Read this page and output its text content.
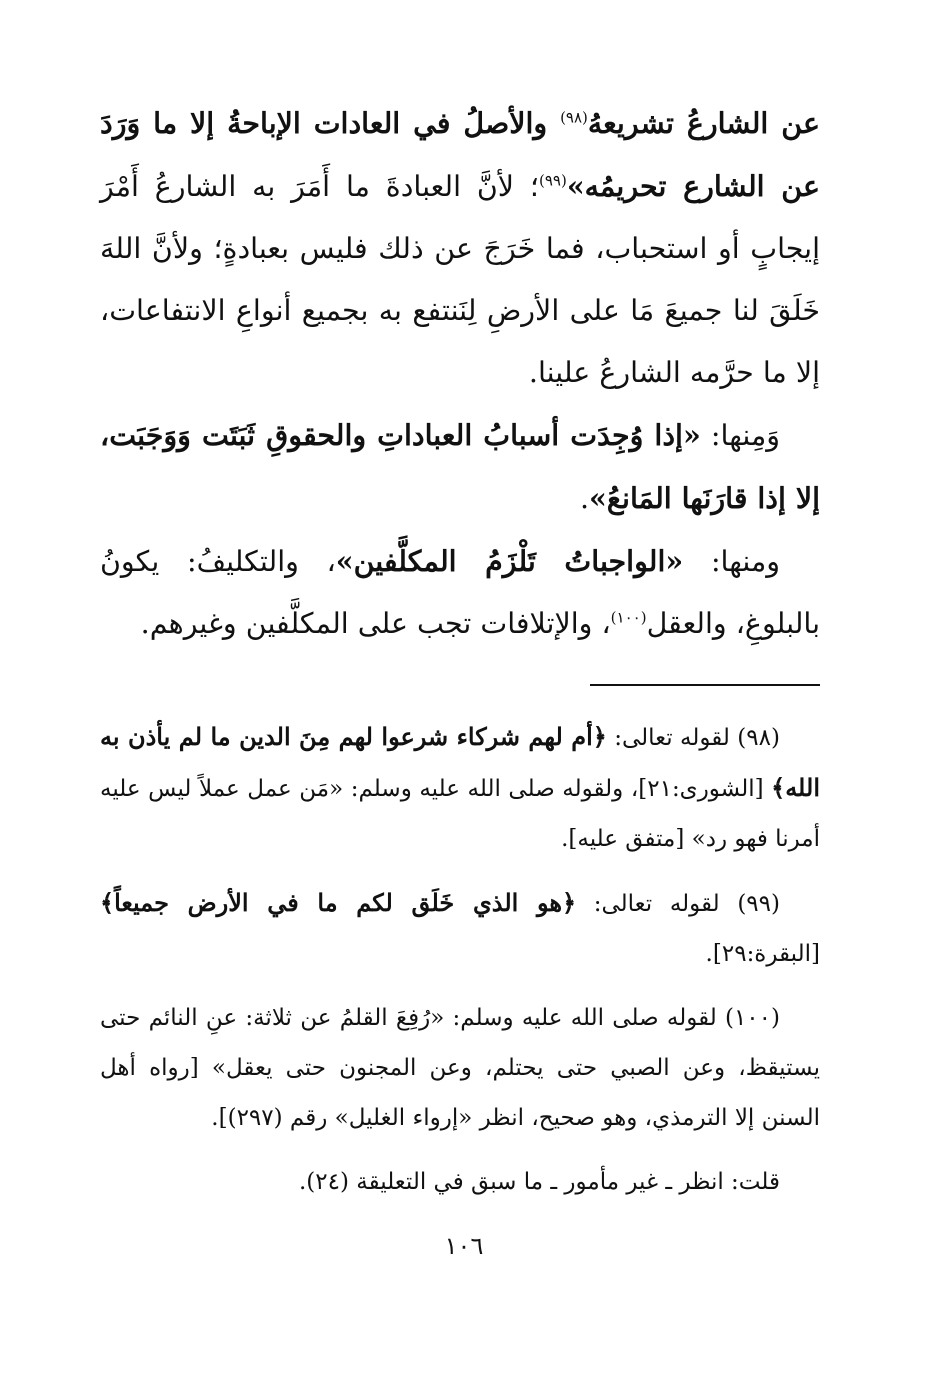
عن الشارعُ تشريعهُ$^{(٩٨)}$ والأصلُ في العادات الإباحةُ إلا ما وَرَدَ عن الشارع تحريمُه»$^{(٩٩)}$؛ لأنَّ العبادةَ ما أَمَرَ به الشارعُ أَمْرَ إيجابٍ أو استحباب، فما خَرَجَ عن ذلك فليس بعبادةٍ؛ ولأنَّ اللهَ خَلَقَ لنا جميعَ مَا على الأرضِ لِنَنتفع به بجميع أنواعِ الانتفاعات، إلا ما حرَّمه الشارعُ علينا.

وَمِنها: «إذا وُجِدَت أسبابُ العباداتِ والحقوقِ ثَبَتَت وَوَجَبَت، إلا إذا قارَنَها المَانعُ».

ومنها: «الواجباتُ تَلْزَمُ المكلَّفين»، والتكليفُ: يكونُ بالبلوغِ، والعقل$^{(١٠٠)}$، والإتلافات تجب على المكلَّفين وغيرهم.

(٩٨) لقوله تعالى: ﴿أم لهم شركاء شرعوا لهم مِنَ الدين ما لم يأذن به الله﴾ [الشورى:٢١]، ولقوله صلى الله عليه وسلم: «مَن عمل عملاً ليس عليه أمرنا فهو رد» [متفق عليه].

(٩٩) لقوله تعالى: ﴿هو الذي خَلَق لكم ما في الأرض جميعاً﴾ [البقرة:٢٩].

(١٠٠) لقوله صلى الله عليه وسلم: «رُفِعَ القلمُ عن ثلاثة: عنِ النائم حتى يستيقظ، وعن الصبي حتى يحتلم، وعن المجنون حتى يعقل» [رواه أهل السنن إلا الترمذي، وهو صحيح، انظر «إرواء الغليل» رقم (٢٩٧)].

قلت: انظر ـ غير مأمور ـ ما سبق في التعليقة (٢٤).

١٠٦
